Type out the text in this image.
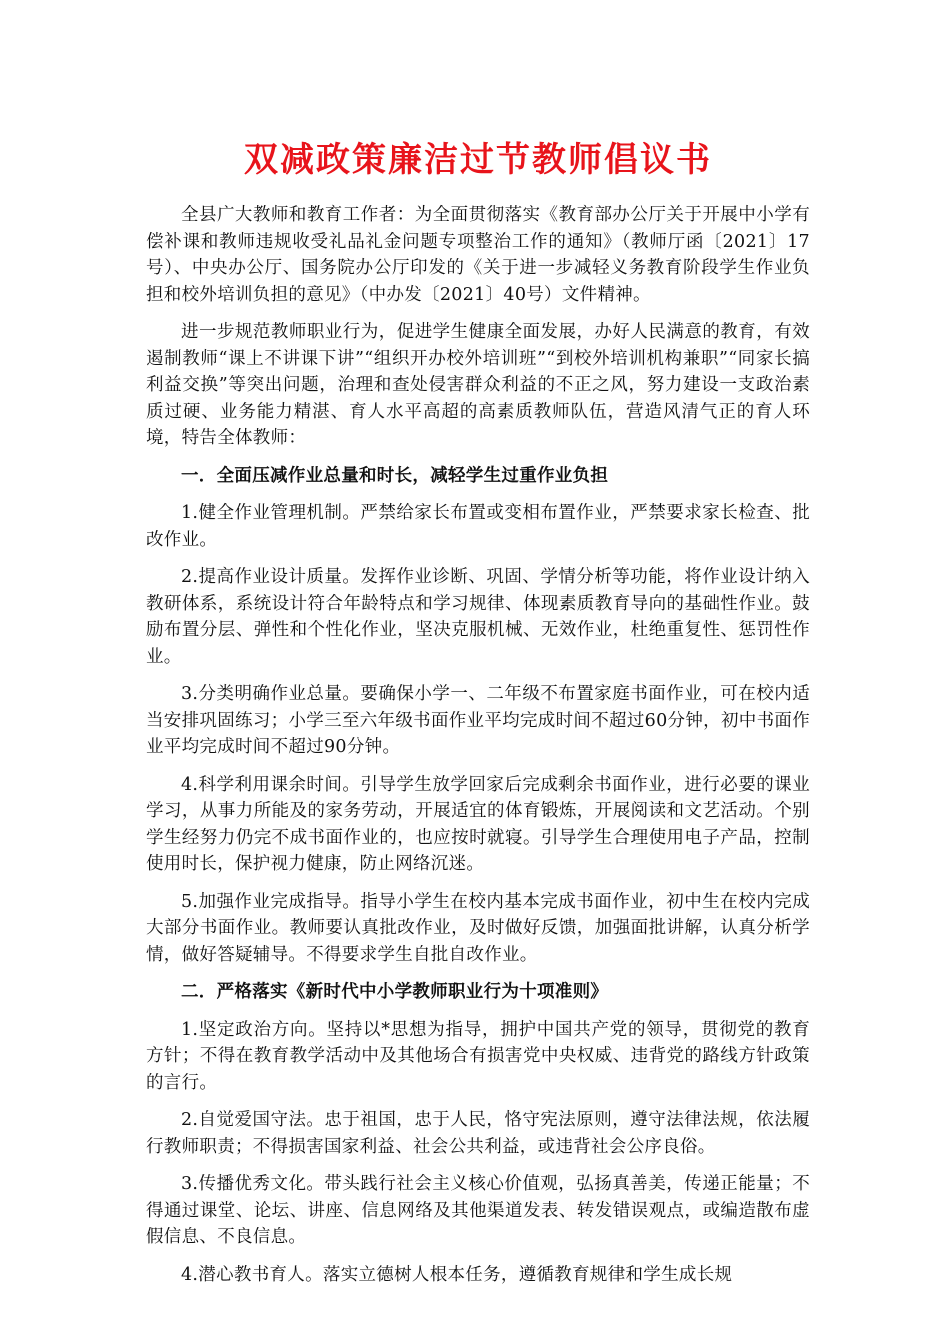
双减政策廉洁过节教师倡议书

全县广大教师和教育工作者：为全面贯彻落实《教育部办公厅关于开展中小学有偿补课和教师违规收受礼品礼金问题专项整治工作的通知》（教师厅函〔2021〕17号）、中央办公厅、国务院办公厅印发的《关于进一步减轻义务教育阶段学生作业负担和校外培训负担的意见》（中办发〔2021〕40号）文件精神。

进一步规范教师职业行为，促进学生健康全面发展，办好人民满意的教育，有效遏制教师“课上不讲课下讲”“组织开办校外培训班”“到校外培训机构兼职”“同家长搞利益交换”等突出问题，治理和查处侵害群众利益的不正之风，努力建设一支政治素质过硬、业务能力精湛、育人水平高超的高素质教师队伍，营造风清气正的育人环境，特告全体教师：

一．全面压减作业总量和时长，减轻学生过重作业负担

1.健全作业管理机制。严禁给家长布置或变相布置作业，严禁要求家长检查、批改作业。

2.提高作业设计质量。发挥作业诊断、巩固、学情分析等功能，将作业设计纳入教研体系，系统设计符合年龄特点和学习规律、体现素质教育导向的基础性作业。鼓励布置分层、弹性和个性化作业，坚决克服机械、无效作业，杜绝重复性、惩罚性作业。

3.分类明确作业总量。要确保小学一、二年级不布置家庭书面作业，可在校内适当安排巩固练习；小学三至六年级书面作业平均完成时间不超过60分钟，初中书面作业平均完成时间不超过90分钟。

4.科学利用课余时间。引导学生放学回家后完成剩余书面作业，进行必要的课业学习，从事力所能及的家务劳动，开展适宜的体育锻炼，开展阅读和文艺活动。个别学生经努力仍完不成书面作业的，也应按时就寝。引导学生合理使用电子产品，控制使用时长，保护视力健康，防止网络沉迷。

5.加强作业完成指导。指导小学生在校内基本完成书面作业，初中生在校内完成大部分书面作业。教师要认真批改作业，及时做好反馈，加强面批讲解，认真分析学情，做好答疑辅导。不得要求学生自批自改作业。

二．严格落实《新时代中小学教师职业行为十项准则》

1.坚定政治方向。坚持以*思想为指导，拥护中国共产党的领导，贯彻党的教育方针；不得在教育教学活动中及其他场合有损害党中央权威、违背党的路线方针政策的言行。

2.自觉爱国守法。忠于祖国，忠于人民，恪守宪法原则，遵守法律法规，依法履行教师职责；不得损害国家利益、社会公共利益，或违背社会公序良俗。

3.传播优秀文化。带头践行社会主义核心价值观，弘扬真善美，传递正能量；不得通过课堂、论坛、讲座、信息网络及其他渠道发表、转发错误观点，或编造散布虚假信息、不良信息。

4.潜心教书育人。落实立德树人根本任务，遵循教育规律和学生成长规
